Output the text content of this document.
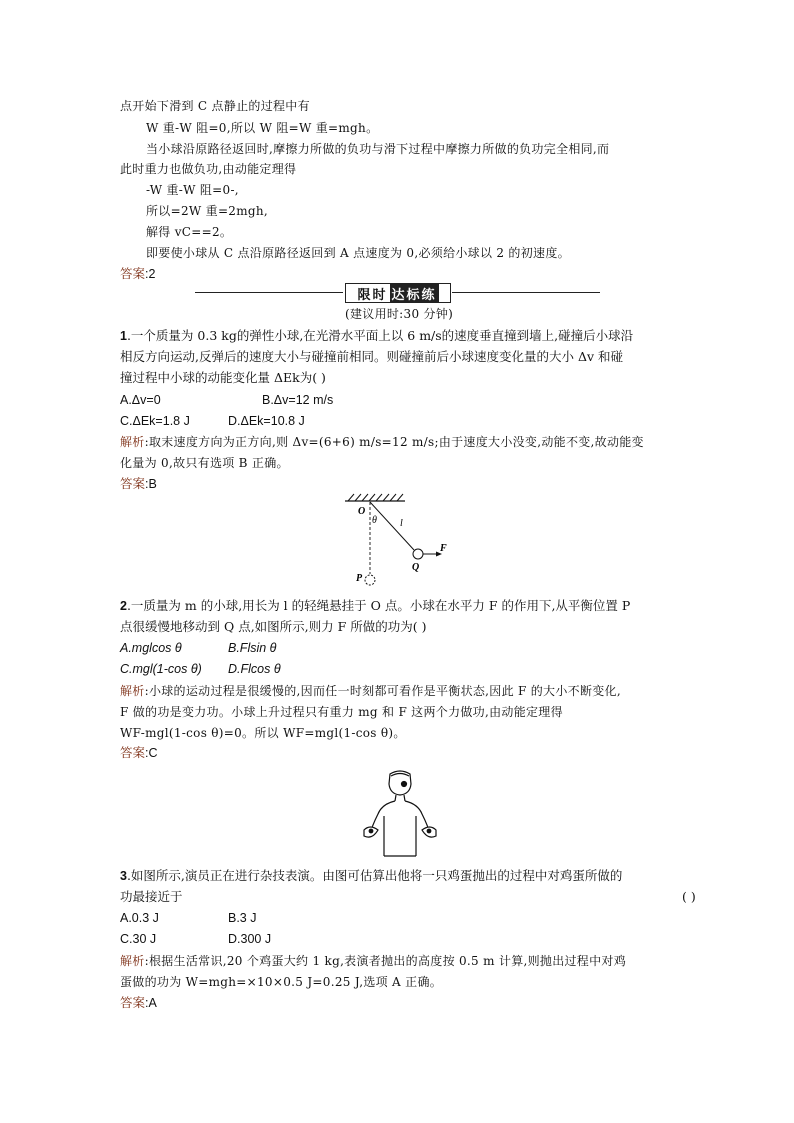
点开始下滑到 C 点静止的过程中有
W 重-W 阻=0,所以 W 阻=W 重=mgh。
当小球沿原路径返回时,摩擦力所做的负功与滑下过程中摩擦力所做的负功完全相同,而
此时重力也做负功,由动能定理得
-W 重-W 阻=0-,
所以=2W 重=2mgh,
解得 vC==2。
即要使小球从 C 点沿原路径返回到 A 点速度为 0,必须给小球以 2 的初速度。
答案:2
限时 达标练
(建议用时:30 分钟)
1.一个质量为 0.3 kg的弹性小球,在光滑水平面上以 6 m/s的速度垂直撞到墙上,碰撞后小球沿
相反方向运动,反弹后的速度大小与碰撞前相同。则碰撞前后小球速度变化量的大小 Δv 和碰
撞过程中小球的动能变化量 ΔEk为( )
A.Δv=0	B.Δv=12 m/s
C.ΔEk=1.8 J	D.ΔEk=10.8 J
解析:取末速度方向为正方向,则 Δv=(6+6) m/s=12 m/s;由于速度大小没变,动能不变,故动能变
化量为 0,故只有选项 B 正确。
答案:B
O
θ l
F
Q
P
2.一质量为 m 的小球,用长为 l 的轻绳悬挂于 O 点。小球在水平力 F 的作用下,从平衡位置 P
点很缓慢地移动到 Q 点,如图所示,则力 F 所做的功为( )
A.mglcos θ	B.Flsin θ
C.mgl(1-cos θ) D.Flcos θ
解析:小球的运动过程是很缓慢的,因而任一时刻都可看作是平衡状态,因此 F 的大小不断变化,
F 做的功是变力功。小球上升过程只有重力 mg 和 F 这两个力做功,由动能定理得
WF-mgl(1-cos θ)=0。所以 WF=mgl(1-cos θ)。
答案:C
3.如图所示,演员正在进行杂技表演。由图可估算出他将一只鸡蛋抛出的过程中对鸡蛋所做的
功最接近于	( )
A.0.3 J	B.3 J
C.30 J	D.300 J
解析:根据生活常识,20 个鸡蛋大约 1 kg,表演者抛出的高度按 0.5 m 计算,则抛出过程中对鸡
蛋做的功为 W=mgh=×10×0.5 J=0.25 J,选项 A 正确。
答案:A
